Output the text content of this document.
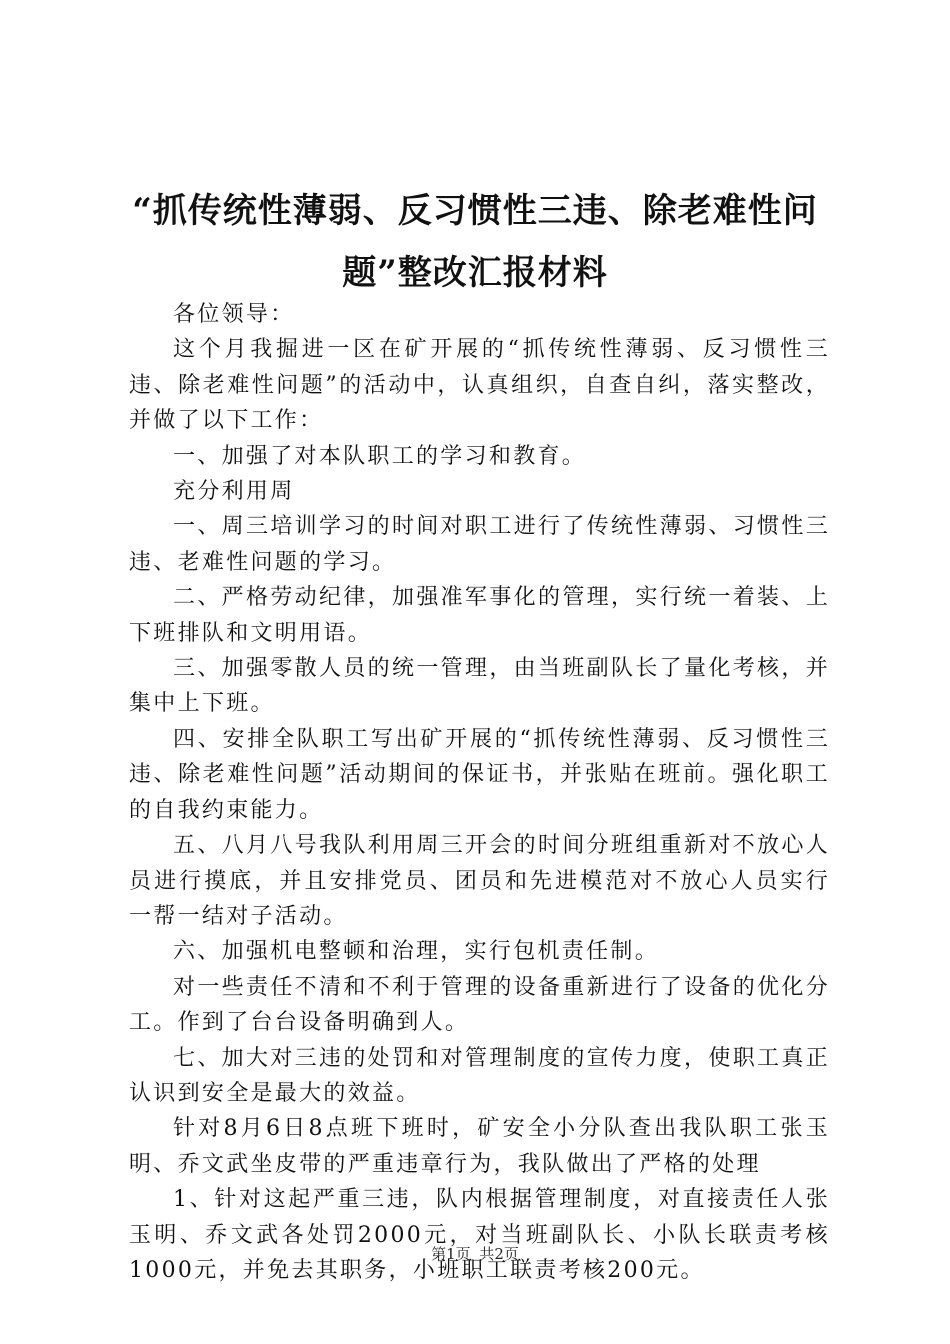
“抓传统性薄弱、反习惯性三违、除老难性问题”整改汇报材料

各位领导：

这个月我掘进一区在矿开展的“抓传统性薄弱、反习惯性三违、除老难性问题”的活动中，认真组织，自查自纠，落实整改，并做了以下工作：

一、加强了对本队职工的学习和教育。

充分利用周

一、周三培训学习的时间对职工进行了传统性薄弱、习惯性三违、老难性问题的学习。

二、严格劳动纪律，加强准军事化的管理，实行统一着装、上下班排队和文明用语。

三、加强零散人员的统一管理，由当班副队长了量化考核，并集中上下班。

四、安排全队职工写出矿开展的“抓传统性薄弱、反习惯性三违、除老难性问题”活动期间的保证书，并张贴在班前。强化职工的自我约束能力。

五、八月八号我队利用周三开会的时间分班组重新对不放心人员进行摸底，并且安排党员、团员和先进模范对不放心人员实行一帮一结对子活动。

六、加强机电整顿和治理，实行包机责任制。

对一些责任不清和不利于管理的设备重新进行了设备的优化分工。作到了台台设备明确到人。

七、加大对三违的处罚和对管理制度的宣传力度，使职工真正认识到安全是最大的效益。

针对8月6日8点班下班时，矿安全小分队查出我队职工张玉明、乔文武坐皮带的严重违章行为，我队做出了严格的处理

1、针对这起严重三违，队内根据管理制度，对直接责任人张玉明、乔文武各处罚2000元，对当班副队长、小队长联责考核1000元，并免去其职务，小班职工联责考核200元。

第1页 共2页
